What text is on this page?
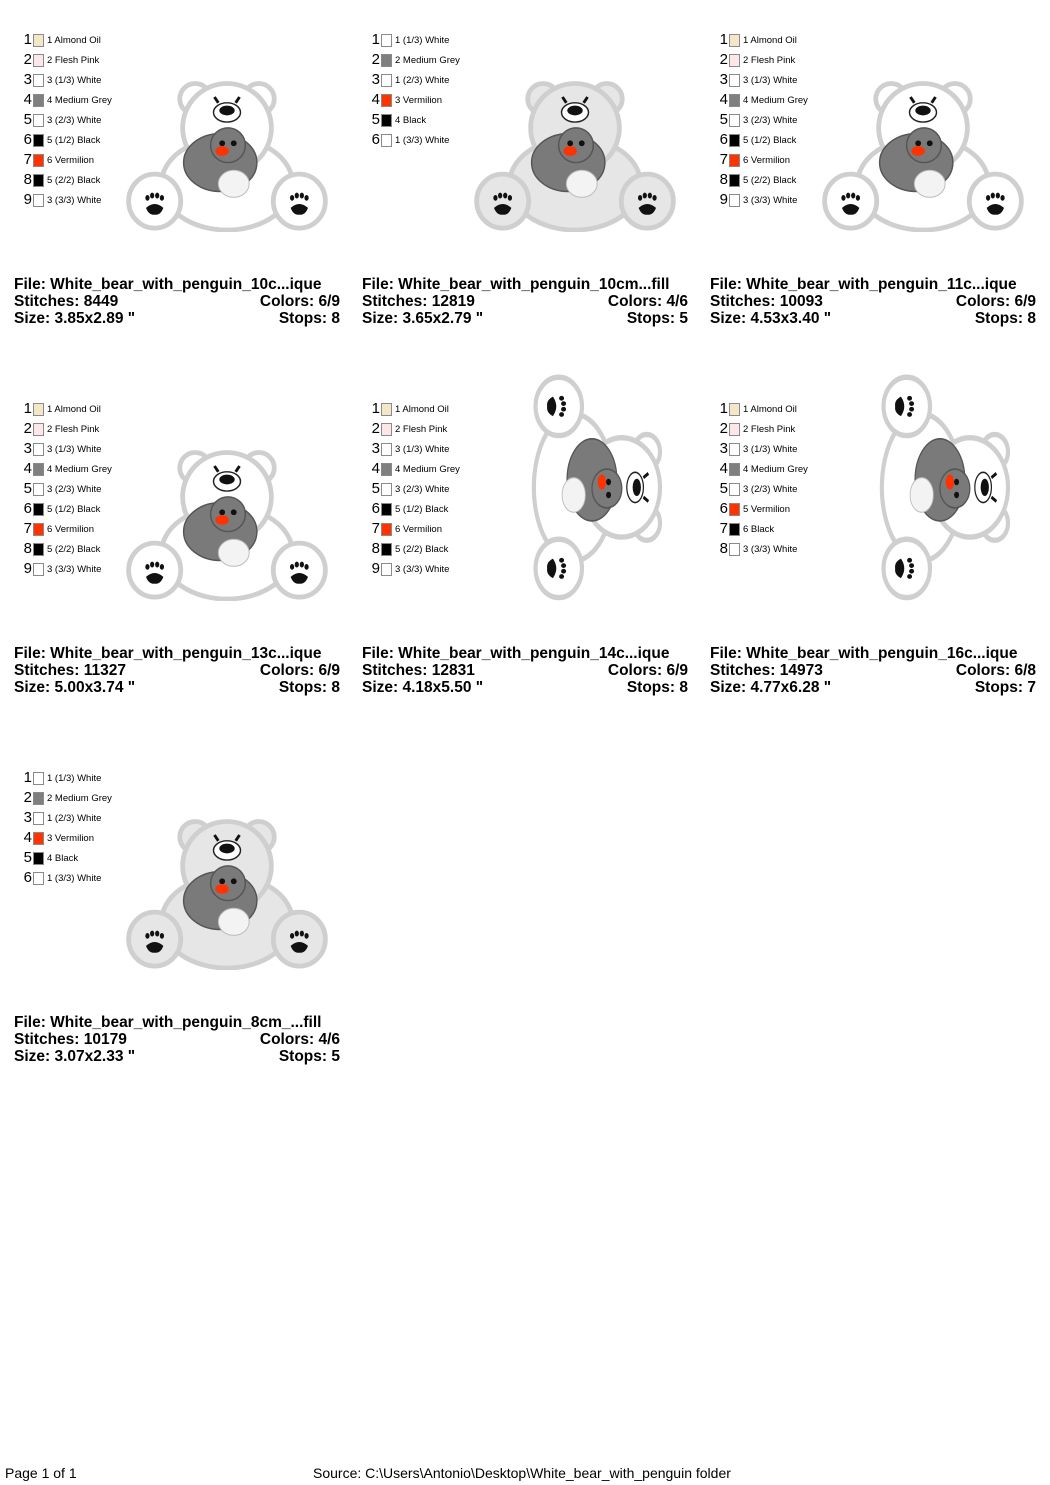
1 1 Almond Oil
2 2 Flesh Pink
3 3 (1/3) White
4 4 Medium Grey
5 3 (2/3) White
6 5 (1/2) Black
7 6 Vermilion
8 5 (2/2) Black
9 3 (3/3) White
File: White_bear_with_penguin_10c...ique
Stitches: 8449	Colors: 6/9
Size: 3.85x2.89 "	Stops: 8
1 1 (1/3) White
2 2 Medium Grey
3 1 (2/3) White
4 3 Vermilion
5 4 Black
6 1 (3/3) White
File: White_bear_with_penguin_10cm...fill
Stitches: 12819	Colors: 4/6
Size: 3.65x2.79 "	Stops: 5
1 1 Almond Oil
2 2 Flesh Pink
3 3 (1/3) White
4 4 Medium Grey
5 3 (2/3) White
6 5 (1/2) Black
7 6 Vermilion
8 5 (2/2) Black
9 3 (3/3) White
File: White_bear_with_penguin_11c...ique
Stitches: 10093	Colors: 6/9
Size: 4.53x3.40 "	Stops: 8
1 1 Almond Oil
2 2 Flesh Pink
3 3 (1/3) White
4 4 Medium Grey
5 3 (2/3) White
6 5 (1/2) Black
7 6 Vermilion
8 5 (2/2) Black
9 3 (3/3) White
File: White_bear_with_penguin_13c...ique
Stitches: 11327	Colors: 6/9
Size: 5.00x3.74 "	Stops: 8
1 1 Almond Oil
2 2 Flesh Pink
3 3 (1/3) White
4 4 Medium Grey
5 3 (2/3) White
6 5 (1/2) Black
7 6 Vermilion
8 5 (2/2) Black
9 3 (3/3) White
File: White_bear_with_penguin_14c...ique
Stitches: 12831	Colors: 6/9
Size: 4.18x5.50 "	Stops: 8
1 1 Almond Oil
2 2 Flesh Pink
3 3 (1/3) White
4 4 Medium Grey
5 3 (2/3) White
6 5 Vermilion
7 6 Black
8 3 (3/3) White
File: White_bear_with_penguin_16c...ique
Stitches: 14973	Colors: 6/8
Size: 4.77x6.28 "	Stops: 7
1 1 (1/3) White
2 2 Medium Grey
3 1 (2/3) White
4 3 Vermilion
5 4 Black
6 1 (3/3) White
File: White_bear_with_penguin_8cm_...fill
Stitches: 10179	Colors: 4/6
Size: 3.07x2.33 "	Stops: 5
Page 1 of 1	Source: C:\Users\Antonio\Desktop\White_bear_with_penguin folder
